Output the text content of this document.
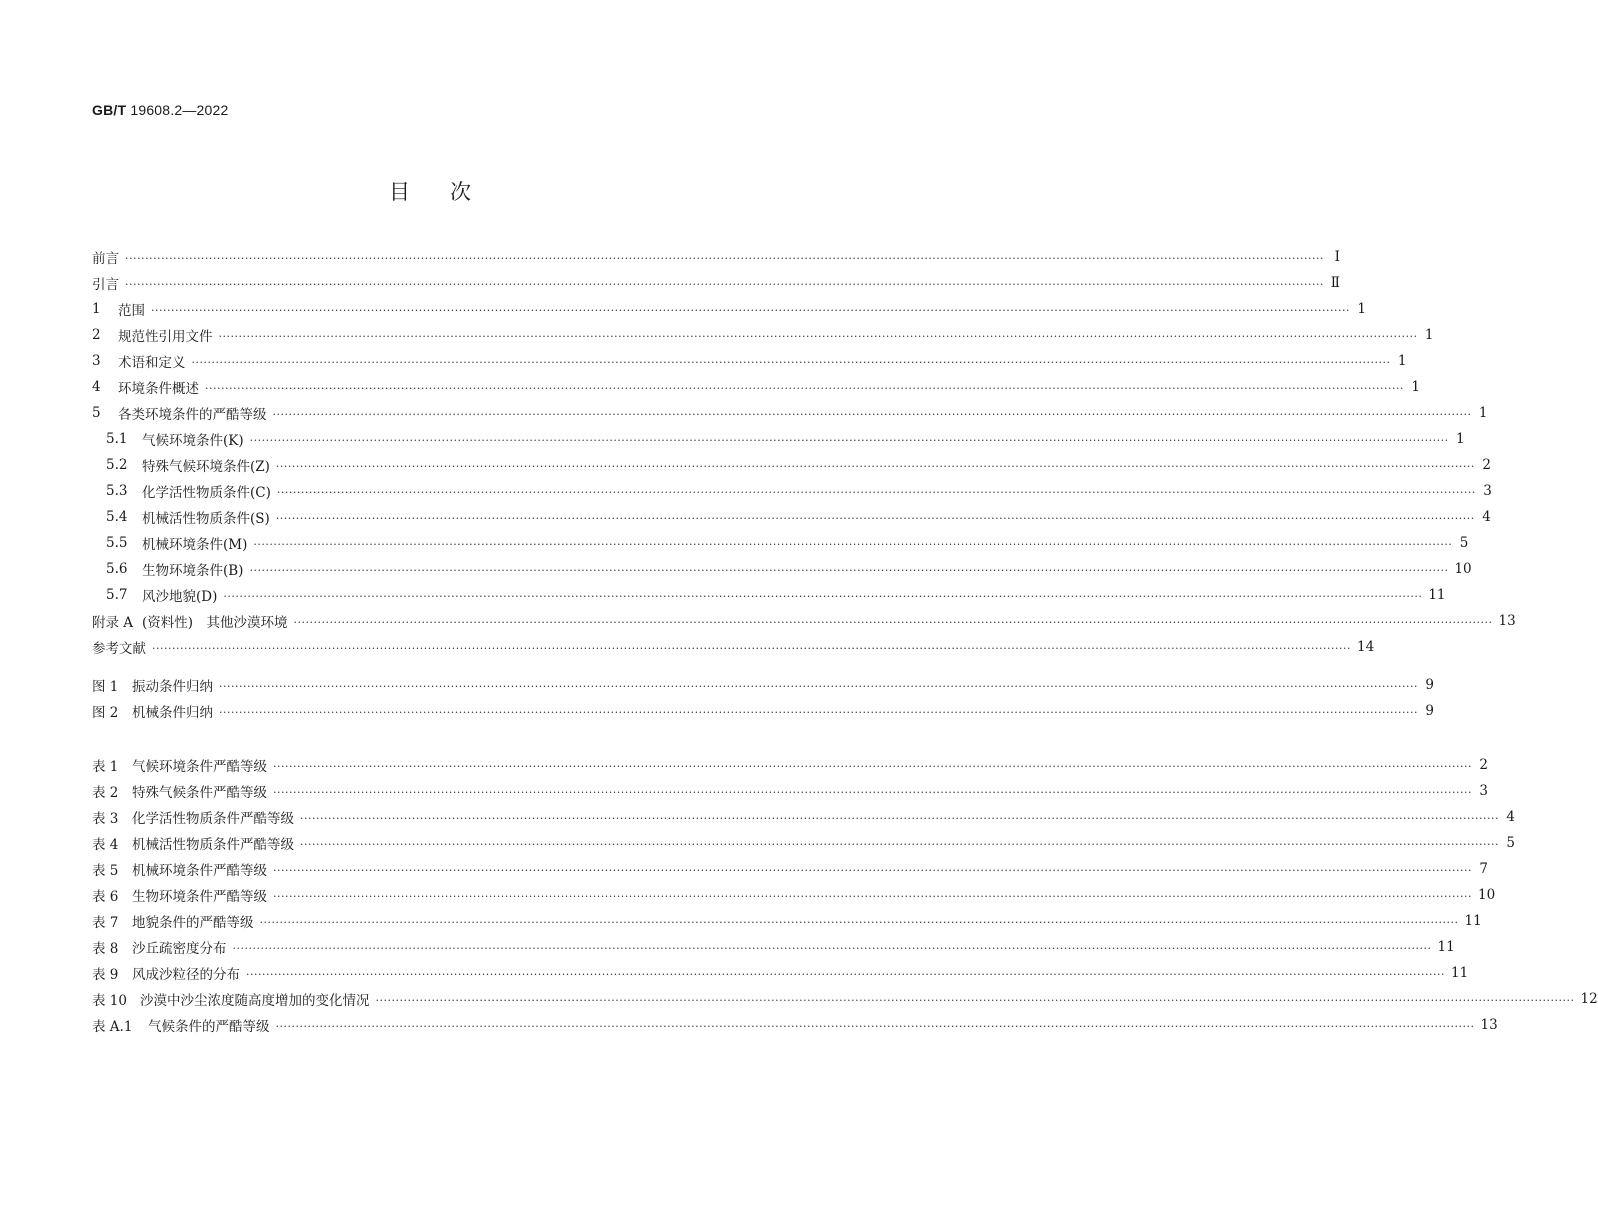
GB/T 19608.2—2022
目次
前言 ············································································································································································································································································································ Ⅰ
引言 ············································································································································································································································································································ Ⅱ
1	范围 ············································································································································································································································································································ 1
2	规范性引用文件 ············································································································································································································································································································ 1
3	术语和定义 ············································································································································································································································································································ 1
4	环境条件概述 ············································································································································································································································································································ 1
5	各类环境条件的严酷等级 ············································································································································································································································································································ 1
5.1	气候环境条件(K) ············································································································································································································································································································ 1
5.2	特殊气候环境条件(Z) ············································································································································································································································································································ 2
5.3	化学活性物质条件(C) ············································································································································································································································································································ 3
5.4	机械活性物质条件(S) ············································································································································································································································································································ 4
5.5	机械环境条件(M) ············································································································································································································································································································ 5
5.6	生物环境条件(B) ············································································································································································································································································································ 10
5.7	风沙地貌(D) ············································································································································································································································································································ 11
附录 A (资料性)　其他沙漠环境 ············································································································································································································································································································ 13
参考文献 ············································································································································································································································································································ 14
图 1	振动条件归纳 ············································································································································································································································································································ 9
图 2	机械条件归纳 ············································································································································································································································································································ 9
表 1	气候环境条件严酷等级 ············································································································································································································································································································ 2
表 2	特殊气候条件严酷等级 ············································································································································································································································································································ 3
表 3	化学活性物质条件严酷等级 ············································································································································································································································································································ 4
表 4	机械活性物质条件严酷等级 ············································································································································································································································································································ 5
表 5	机械环境条件严酷等级 ············································································································································································································································································································ 7
表 6	生物环境条件严酷等级 ············································································································································································································································································································ 10
表 7	地貌条件的严酷等级 ············································································································································································································································································································ 11
表 8	沙丘疏密度分布 ············································································································································································································································································································ 11
表 9	风成沙粒径的分布 ············································································································································································································································································································ 11
表 10 沙漠中沙尘浓度随高度增加的变化情况 ············································································································································································································································································································ 12
表 A.1	气候条件的严酷等级 ············································································································································································································································································································ 13
